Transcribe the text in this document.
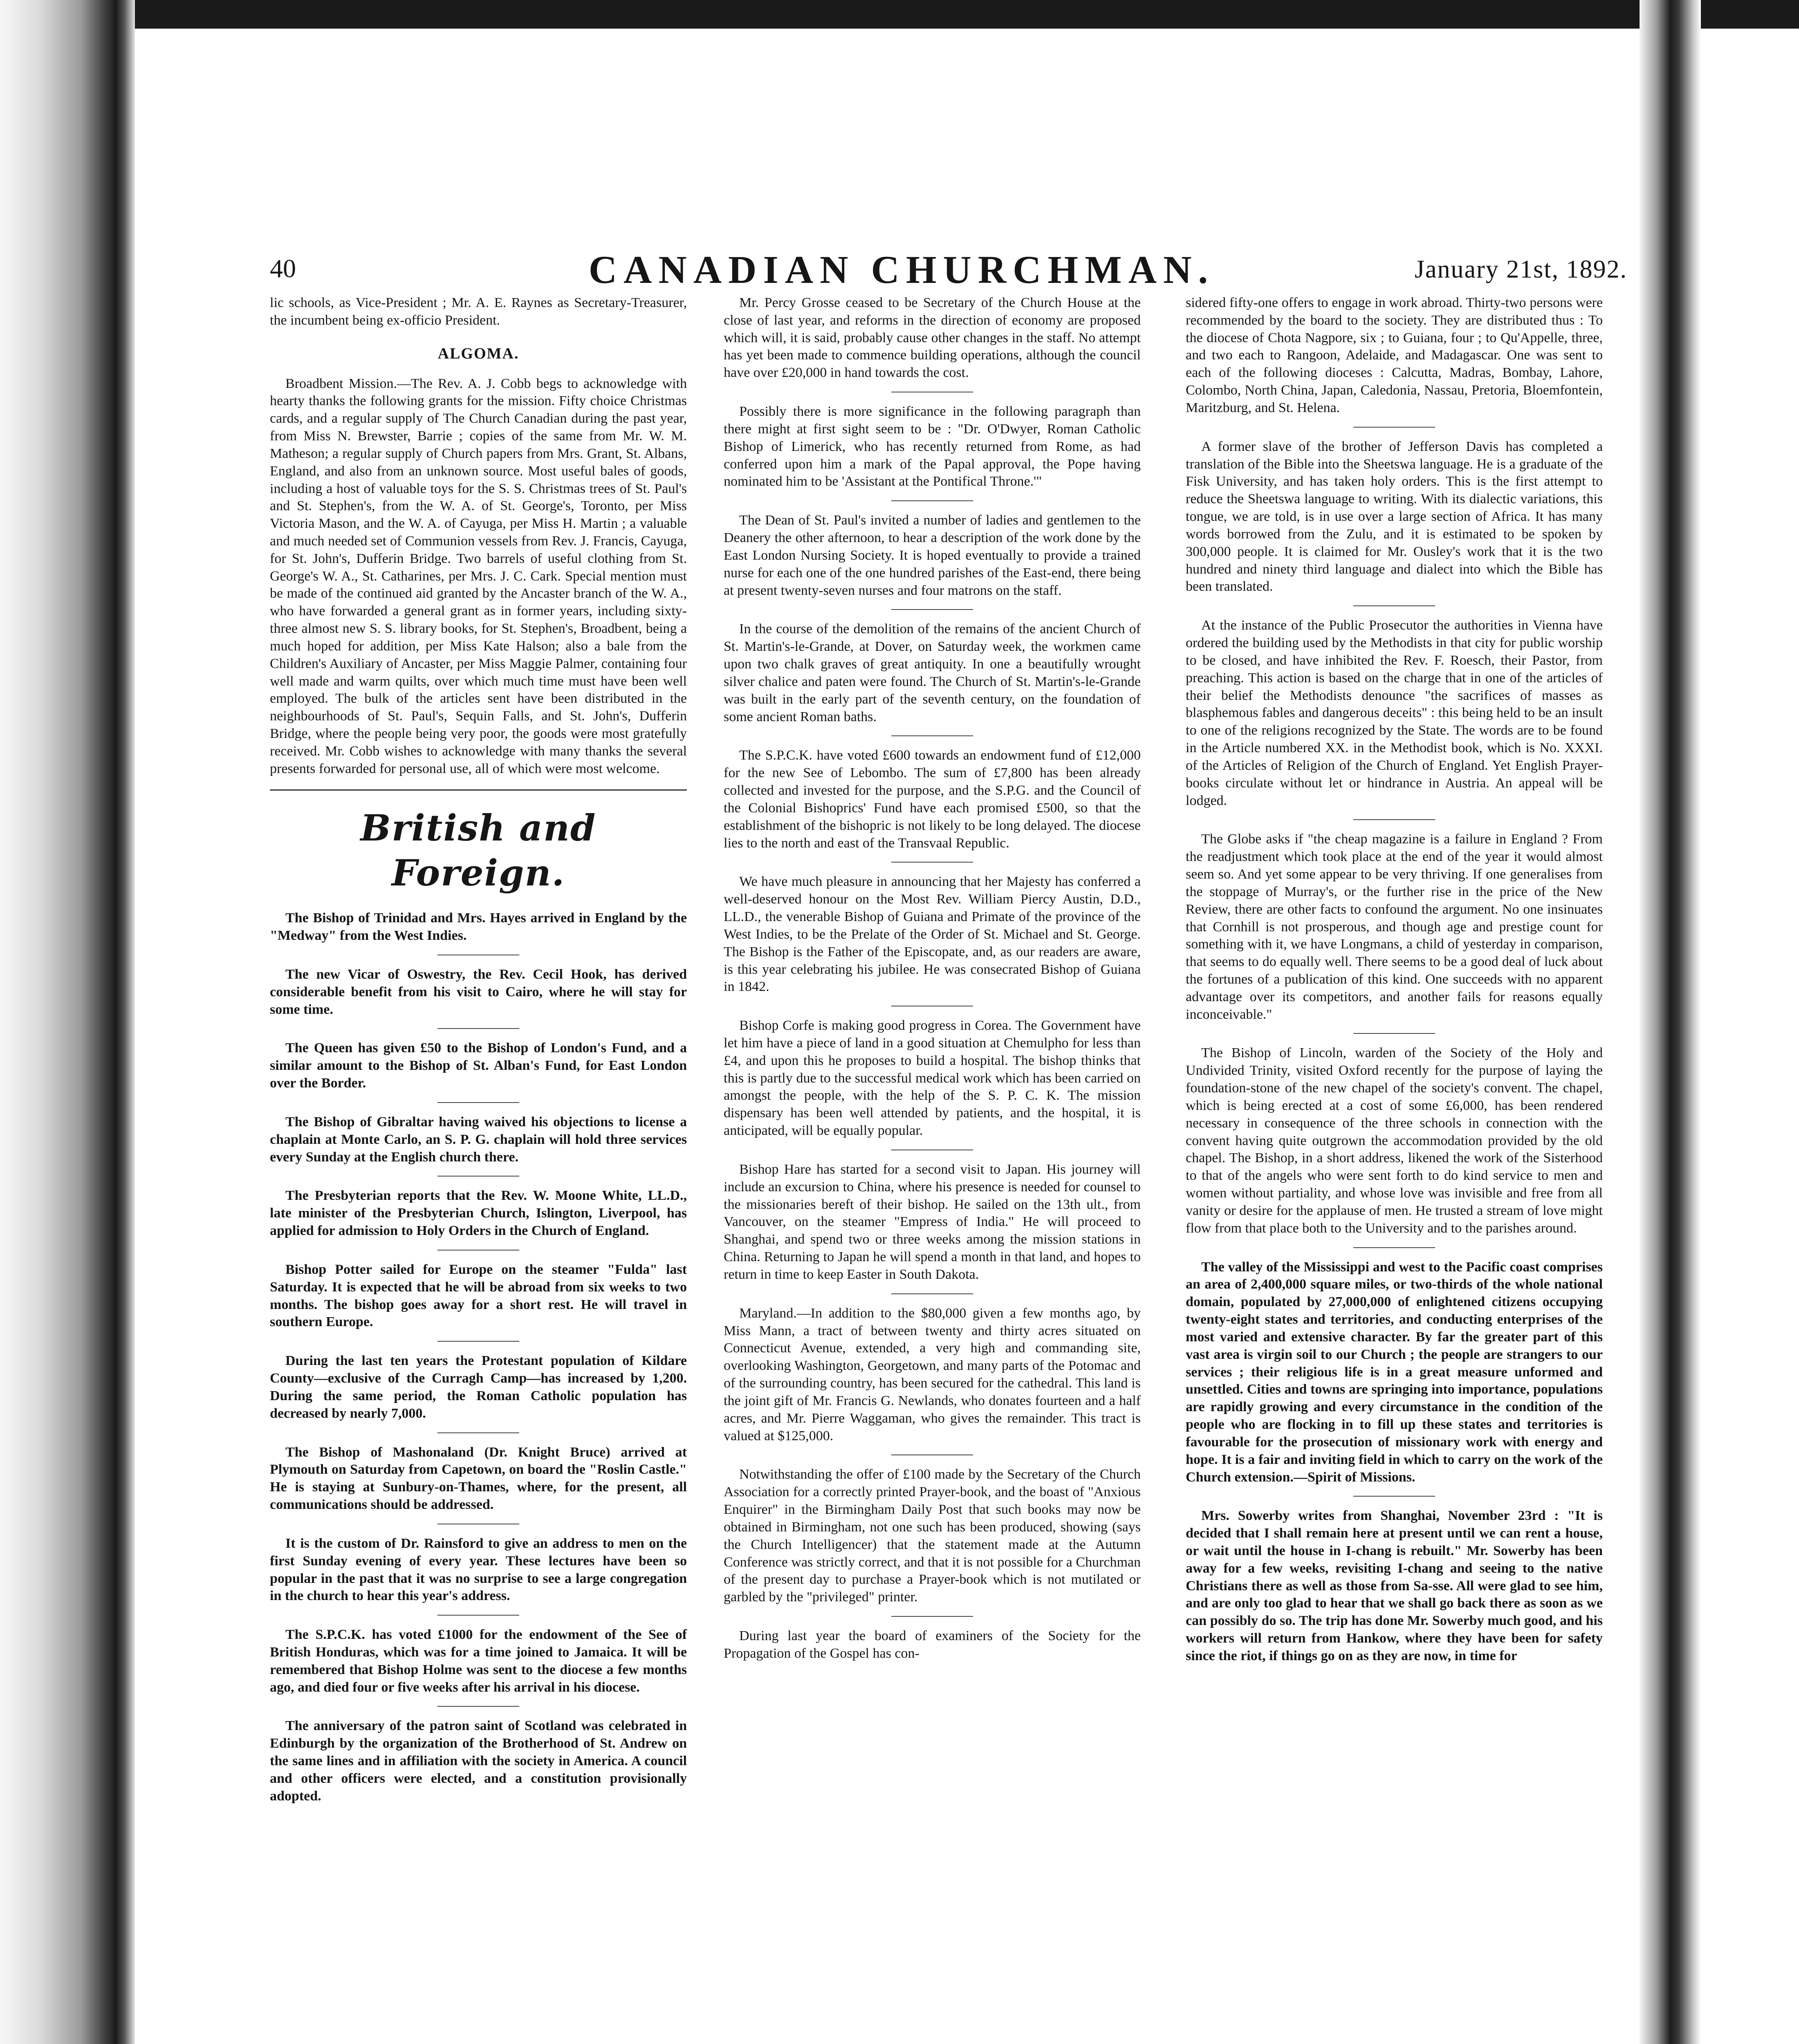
40	CANADIAN CHURCHMAN.	January 21st, 1892.

lic schools, as Vice-President ; Mr. A. E. Raynes as Secretary-Treasurer, the incumbent being ex-officio President.

ALGOMA.

Broadbent Mission.—The Rev. A. J. Cobb begs to acknowledge with hearty thanks the following grants for the mission. Fifty choice Christmas cards, and a regular supply of The Church Canadian during the past year, from Miss N. Brewster, Barrie ; copies of the same from Mr. W. M. Matheson; a regular supply of Church papers from Mrs. Grant, St. Albans, England, and also from an unknown source. Most useful bales of goods, including a host of valuable toys for the S. S. Christmas trees of St. Paul's and St. Stephen's, from the W. A. of St. George's, Toronto, per Miss Victoria Mason, and the W. A. of Cayuga, per Miss H. Martin ; a valuable and much needed set of Communion vessels from Rev. J. Francis, Cayuga, for St. John's, Dufferin Bridge. Two barrels of useful clothing from St. George's W. A., St. Catharines, per Mrs. J. C. Cark. Special mention must be made of the continued aid granted by the Ancaster branch of the W. A., who have forwarded a general grant as in former years, including sixty-three almost new S. S. library books, for St. Stephen's, Broadbent, being a much hoped for addition, per Miss Kate Halson; also a bale from the Children's Auxiliary of Ancaster, per Miss Maggie Palmer, containing four well made and warm quilts, over which much time must have been well employed. The bulk of the articles sent have been distributed in the neighbourhoods of St. Paul's, Sequin Falls, and St. John's, Dufferin Bridge, where the people being very poor, the goods were most gratefully received. Mr. Cobb wishes to acknowledge with many thanks the several presents forwarded for personal use, all of which were most welcome.

British and Foreign.

The Bishop of Trinidad and Mrs. Hayes arrived in England by the "Medway" from the West Indies.

The new Vicar of Oswestry, the Rev. Cecil Hook, has derived considerable benefit from his visit to Cairo, where he will stay for some time.

The Queen has given £50 to the Bishop of London's Fund, and a similar amount to the Bishop of St. Alban's Fund, for East London over the Border.

The Bishop of Gibraltar having waived his objections to license a chaplain at Monte Carlo, an S. P. G. chaplain will hold three services every Sunday at the English church there.

The Presbyterian reports that the Rev. W. Moone White, LL.D., late minister of the Presbyterian Church, Islington, Liverpool, has applied for admission to Holy Orders in the Church of England.

Bishop Potter sailed for Europe on the steamer "Fulda" last Saturday. It is expected that he will be abroad from six weeks to two months. The bishop goes away for a short rest. He will travel in southern Europe.

During the last ten years the Protestant population of Kildare County—exclusive of the Curragh Camp—has increased by 1,200. During the same period, the Roman Catholic population has decreased by nearly 7,000.

The Bishop of Mashonaland (Dr. Knight Bruce) arrived at Plymouth on Saturday from Capetown, on board the "Roslin Castle." He is staying at Sunbury-on-Thames, where, for the present, all communications should be addressed.

It is the custom of Dr. Rainsford to give an address to men on the first Sunday evening of every year. These lectures have been so popular in the past that it was no surprise to see a large congregation in the church to hear this year's address.

The S.P.C.K. has voted £1000 for the endowment of the See of British Honduras, which was for a time joined to Jamaica. It will be remembered that Bishop Holme was sent to the diocese a few months ago, and died four or five weeks after his arrival in his diocese.

The anniversary of the patron saint of Scotland was celebrated in Edinburgh by the organization of the Brotherhood of St. Andrew on the same lines and in affiliation with the society in America. A council and other officers were elected, and a constitution provisionally adopted.

Mr. Percy Grosse ceased to be Secretary of the Church House at the close of last year, and reforms in the direction of economy are proposed which will, it is said, probably cause other changes in the staff. No attempt has yet been made to commence building operations, although the council have over £20,000 in hand towards the cost.

Possibly there is more significance in the following paragraph than there might at first sight seem to be : "Dr. O'Dwyer, Roman Catholic Bishop of Limerick, who has recently returned from Rome, as had conferred upon him a mark of the Papal approval, the Pope having nominated him to be 'Assistant at the Pontifical Throne.'"

The Dean of St. Paul's invited a number of ladies and gentlemen to the Deanery the other afternoon, to hear a description of the work done by the East London Nursing Society. It is hoped eventually to provide a trained nurse for each one of the one hundred parishes of the East-end, there being at present twenty-seven nurses and four matrons on the staff.

In the course of the demolition of the remains of the ancient Church of St. Martin's-le-Grande, at Dover, on Saturday week, the workmen came upon two chalk graves of great antiquity. In one a beautifully wrought silver chalice and paten were found. The Church of St. Martin's-le-Grande was built in the early part of the seventh century, on the foundation of some ancient Roman baths.

The S.P.C.K. have voted £600 towards an endowment fund of £12,000 for the new See of Lebombo. The sum of £7,800 has been already collected and invested for the purpose, and the S.P.G. and the Council of the Colonial Bishoprics' Fund have each promised £500, so that the establishment of the bishopric is not likely to be long delayed. The diocese lies to the north and east of the Transvaal Republic.

We have much pleasure in announcing that her Majesty has conferred a well-deserved honour on the Most Rev. William Piercy Austin, D.D., LL.D., the venerable Bishop of Guiana and Primate of the province of the West Indies, to be the Prelate of the Order of St. Michael and St. George. The Bishop is the Father of the Episcopate, and, as our readers are aware, is this year celebrating his jubilee. He was consecrated Bishop of Guiana in 1842.

Bishop Corfe is making good progress in Corea. The Government have let him have a piece of land in a good situation at Chemulpho for less than £4, and upon this he proposes to build a hospital. The bishop thinks that this is partly due to the successful medical work which has been carried on amongst the people, with the help of the S. P. C. K. The mission dispensary has been well attended by patients, and the hospital, it is anticipated, will be equally popular.

Bishop Hare has started for a second visit to Japan. His journey will include an excursion to China, where his presence is needed for counsel to the missionaries bereft of their bishop. He sailed on the 13th ult., from Vancouver, on the steamer "Empress of India." He will proceed to Shanghai, and spend two or three weeks among the mission stations in China. Returning to Japan he will spend a month in that land, and hopes to return in time to keep Easter in South Dakota.

Maryland.—In addition to the $80,000 given a few months ago, by Miss Mann, a tract of between twenty and thirty acres situated on Connecticut Avenue, extended, a very high and commanding site, overlooking Washington, Georgetown, and many parts of the Potomac and of the surrounding country, has been secured for the cathedral. This land is the joint gift of Mr. Francis G. Newlands, who donates fourteen and a half acres, and Mr. Pierre Waggaman, who gives the remainder. This tract is valued at $125,000.

Notwithstanding the offer of £100 made by the Secretary of the Church Association for a correctly printed Prayer-book, and the boast of "Anxious Enquirer" in the Birmingham Daily Post that such books may now be obtained in Birmingham, not one such has been produced, showing (says the Church Intelligencer) that the statement made at the Autumn Conference was strictly correct, and that it is not possible for a Churchman of the present day to purchase a Prayer-book which is not mutilated or garbled by the "privileged" printer.

During last year the board of examiners of the Society for the Propagation of the Gospel has con-

sidered fifty-one offers to engage in work abroad. Thirty-two persons were recommended by the board to the society. They are distributed thus : To the diocese of Chota Nagpore, six ; to Guiana, four ; to Qu'Appelle, three, and two each to Rangoon, Adelaide, and Madagascar. One was sent to each of the following dioceses : Calcutta, Madras, Bombay, Lahore, Colombo, North China, Japan, Caledonia, Nassau, Pretoria, Bloemfontein, Maritzburg, and St. Helena.

A former slave of the brother of Jefferson Davis has completed a translation of the Bible into the Sheetswa language. He is a graduate of the Fisk University, and has taken holy orders. This is the first attempt to reduce the Sheetswa language to writing. With its dialectic variations, this tongue, we are told, is in use over a large section of Africa. It has many words borrowed from the Zulu, and it is estimated to be spoken by 300,000 people. It is claimed for Mr. Ousley's work that it is the two hundred and ninety third language and dialect into which the Bible has been translated.

At the instance of the Public Prosecutor the authorities in Vienna have ordered the building used by the Methodists in that city for public worship to be closed, and have inhibited the Rev. F. Roesch, their Pastor, from preaching. This action is based on the charge that in one of the articles of their belief the Methodists denounce "the sacrifices of masses as blasphemous fables and dangerous deceits" : this being held to be an insult to one of the religions recognized by the State. The words are to be found in the Article numbered XX. in the Methodist book, which is No. XXXI. of the Articles of Religion of the Church of England. Yet English Prayer-books circulate without let or hindrance in Austria. An appeal will be lodged.

The Globe asks if "the cheap magazine is a failure in England ? From the readjustment which took place at the end of the year it would almost seem so. And yet some appear to be very thriving. If one generalises from the stoppage of Murray's, or the further rise in the price of the New Review, there are other facts to confound the argument. No one insinuates that Cornhill is not prosperous, and though age and prestige count for something with it, we have Longmans, a child of yesterday in comparison, that seems to do equally well. There seems to be a good deal of luck about the fortunes of a publication of this kind. One succeeds with no apparent advantage over its competitors, and another fails for reasons equally inconceivable."

The Bishop of Lincoln, warden of the Society of the Holy and Undivided Trinity, visited Oxford recently for the purpose of laying the foundation-stone of the new chapel of the society's convent. The chapel, which is being erected at a cost of some £6,000, has been rendered necessary in consequence of the three schools in connection with the convent having quite outgrown the accommodation provided by the old chapel. The Bishop, in a short address, likened the work of the Sisterhood to that of the angels who were sent forth to do kind service to men and women without partiality, and whose love was invisible and free from all vanity or desire for the applause of men. He trusted a stream of love might flow from that place both to the University and to the parishes around.

The valley of the Mississippi and west to the Pacific coast comprises an area of 2,400,000 square miles, or two-thirds of the whole national domain, populated by 27,000,000 of enlightened citizens occupying twenty-eight states and territories, and conducting enterprises of the most varied and extensive character. By far the greater part of this vast area is virgin soil to our Church ; the people are strangers to our services ; their religious life is in a great measure unformed and unsettled. Cities and towns are springing into importance, populations are rapidly growing and every circumstance in the condition of the people who are flocking in to fill up these states and territories is favourable for the prosecution of missionary work with energy and hope. It is a fair and inviting field in which to carry on the work of the Church extension.—Spirit of Missions.

Mrs. Sowerby writes from Shanghai, November 23rd : "It is decided that I shall remain here at present until we can rent a house, or wait until the house in I-chang is rebuilt." Mr. Sowerby has been away for a few weeks, revisiting I-chang and seeing to the native Christians there as well as those from Sa-sse. All were glad to see him, and are only too glad to hear that we shall go back there as soon as we can possibly do so. The trip has done Mr. Sowerby much good, and his workers will return from Hankow, where they have been for safety since the riot, if things go on as they are now, in time for
